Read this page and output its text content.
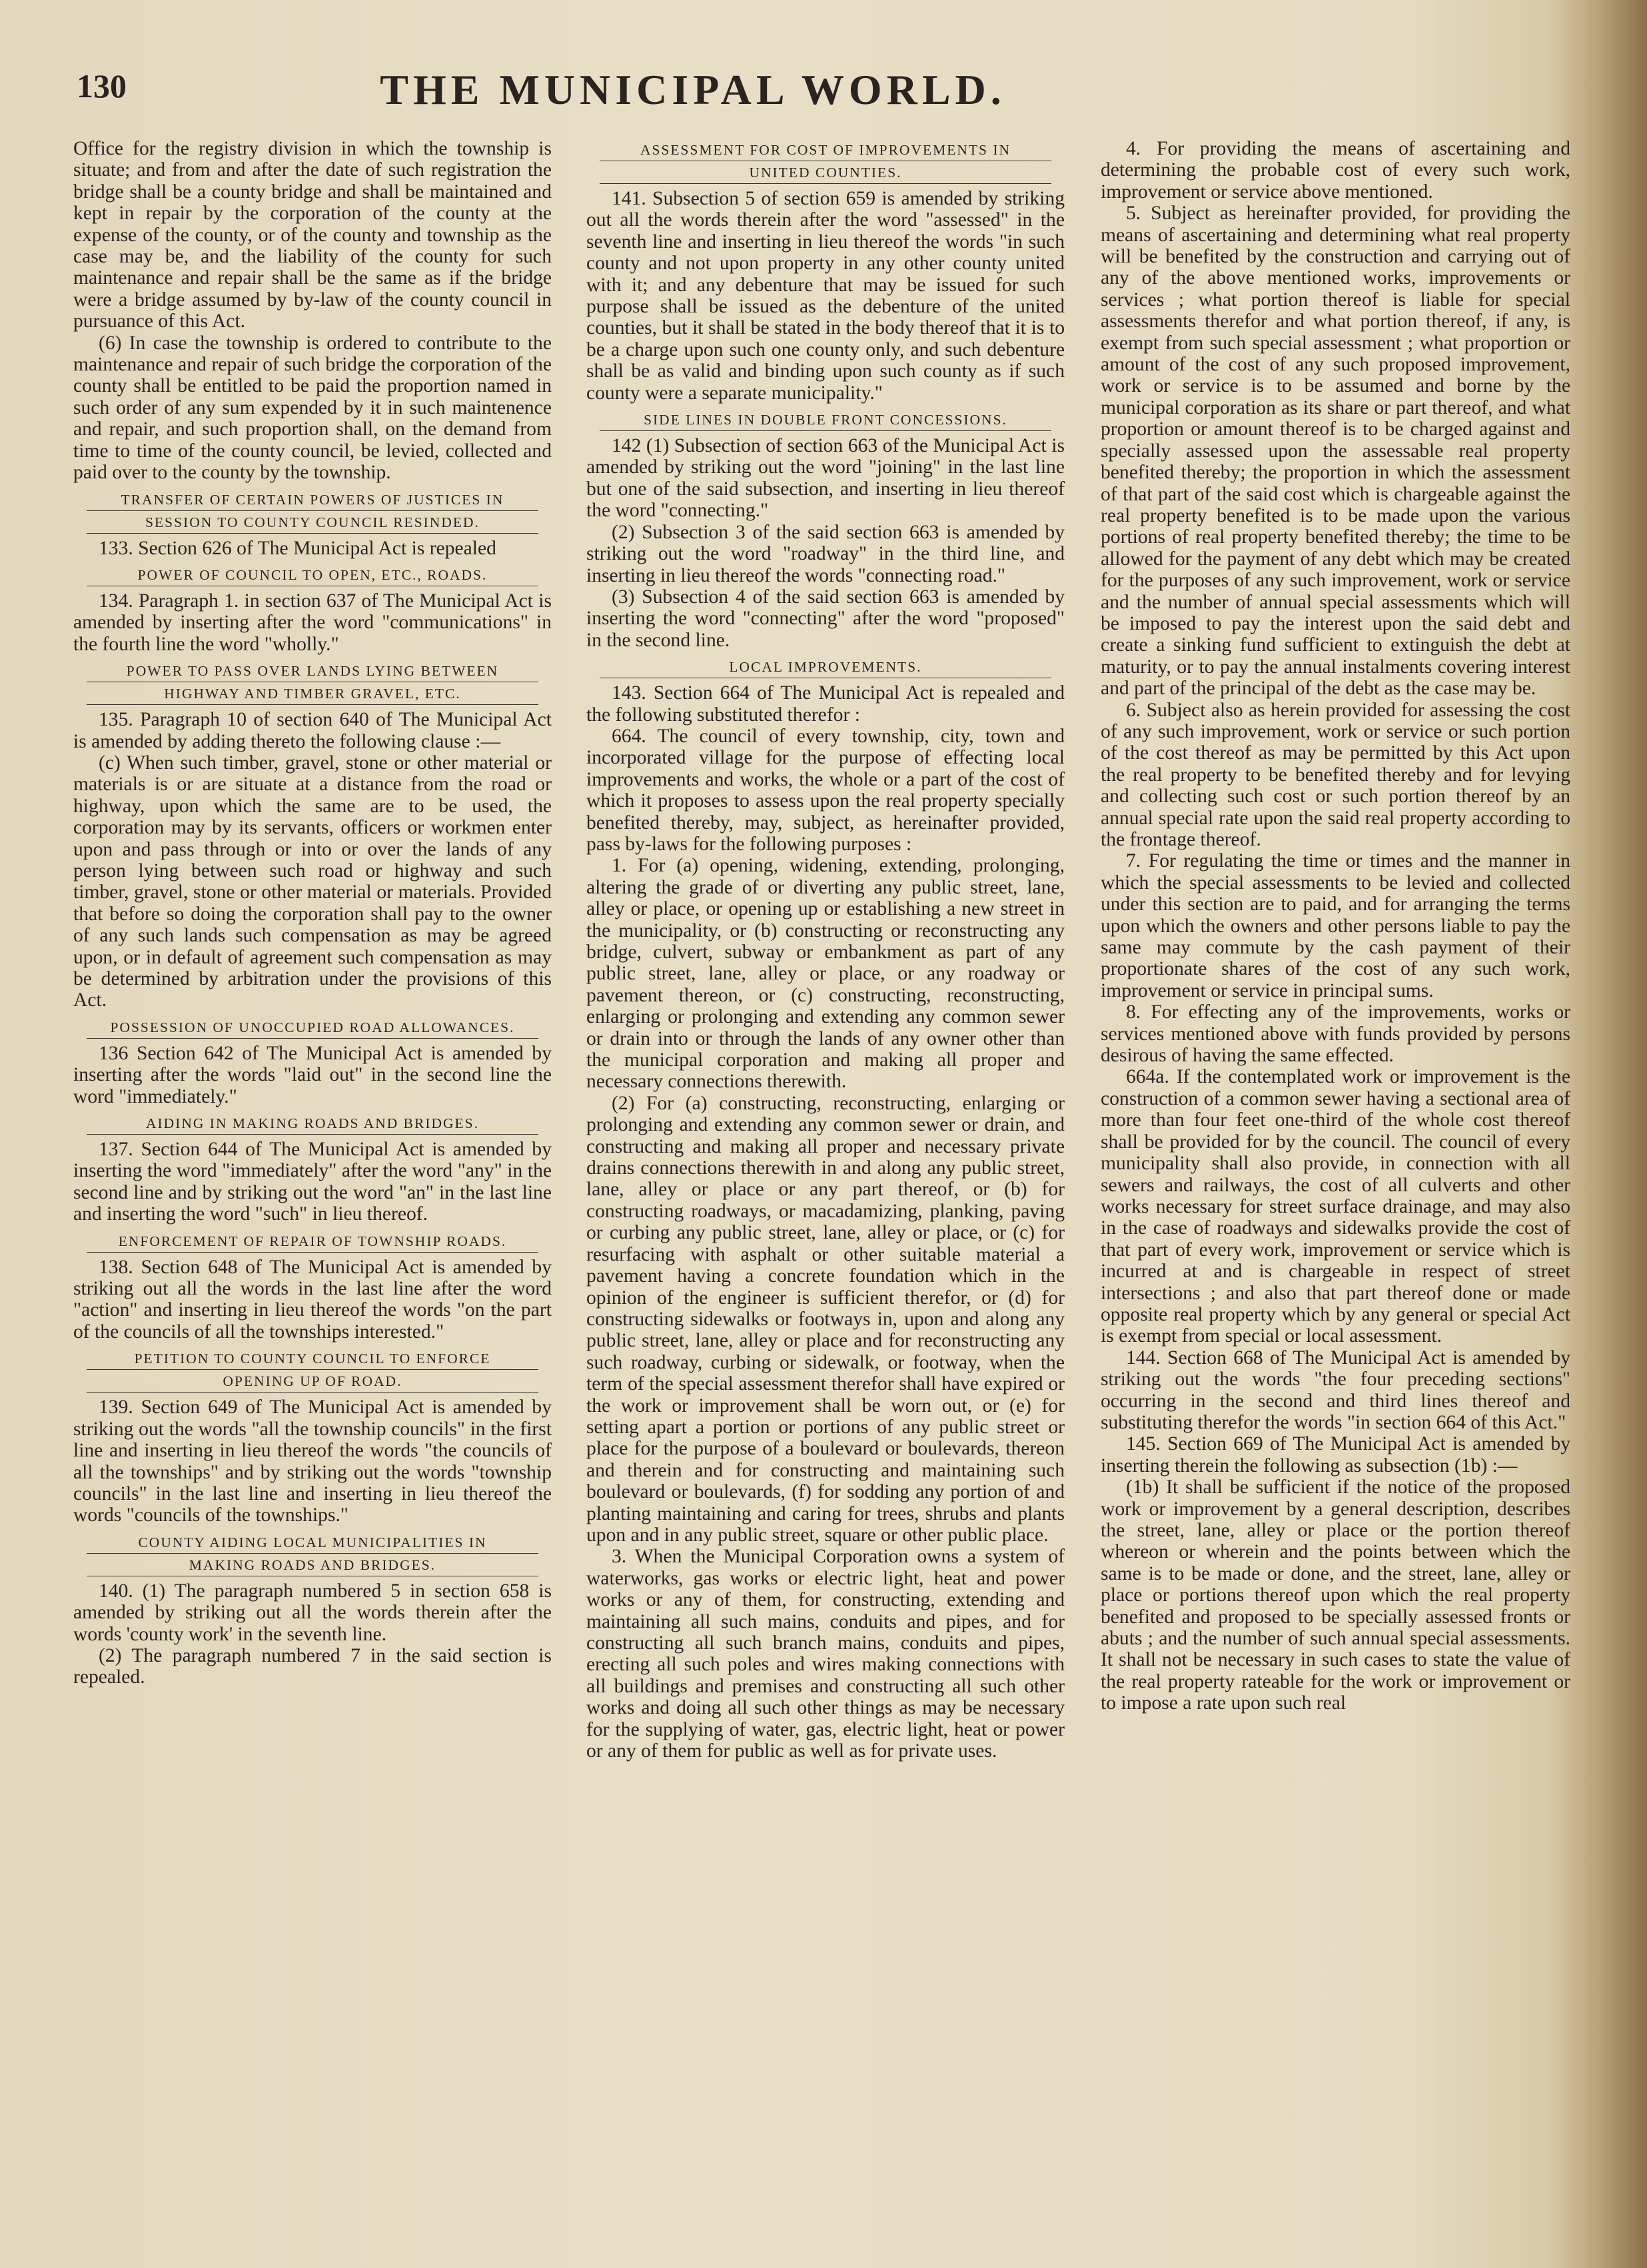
130	THE MUNICIPAL WORLD.

Office for the registry division in which the township is situate; and from and after the date of such registration the bridge shall be a county bridge and shall be maintained and kept in repair by the corporation of the county at the expense of the county, or of the county and township as the case may be, and the liability of the county for such maintenance and repair shall be the same as if the bridge were a bridge assumed by by-law of the county council in pursuance of this Act.

(6) In case the township is ordered to contribute to the maintenance and repair of such bridge the corporation of the county shall be entitled to be paid the proportion named in such order of any sum expended by it in such maintenence and repair, and such proportion shall, on the demand from time to time of the county council, be levied, collected and paid over to the county by the township.

TRANSFER OF CERTAIN POWERS OF JUSTICES IN
SESSION TO COUNTY COUNCIL RESINDED.

133. Section 626 of The Municipal Act is repealed

POWER OF COUNCIL TO OPEN, ETC., ROADS.

134. Paragraph 1. in section 637 of The Municipal Act is amended by inserting after the word "communications" in the fourth line the word "wholly."

POWER TO PASS OVER LANDS LYING BETWEEN
HIGHWAY AND TIMBER GRAVEL, ETC.

135. Paragraph 10 of section 640 of The Municipal Act is amended by adding thereto the following clause :—

(c) When such timber, gravel, stone or other material or materials is or are situate at a distance from the road or highway, upon which the same are to be used, the corporation may by its servants, officers or workmen enter upon and pass through or into or over the lands of any person lying between such road or highway and such timber, gravel, stone or other material or materials. Provided that before so doing the corporation shall pay to the owner of any such lands such compensation as may be agreed upon, or in default of agreement such compensation as may be determined by arbitration under the provisions of this Act.

POSSESSION OF UNOCCUPIED ROAD ALLOWANCES.

136 Section 642 of The Municipal Act is amended by inserting after the words "laid out" in the second line the word "immediately."

AIDING IN MAKING ROADS AND BRIDGES.

137. Section 644 of The Municipal Act is amended by inserting the word "immediately" after the word "any" in the second line and by striking out the word "an" in the last line and inserting the word "such" in lieu thereof.

ENFORCEMENT OF REPAIR OF TOWNSHIP ROADS.

138. Section 648 of The Municipal Act is amended by striking out all the words in the last line after the word "action" and inserting in lieu thereof the words "on the part of the councils of all the townships interested."

PETITION TO COUNTY COUNCIL TO ENFORCE
OPENING UP OF ROAD.

139. Section 649 of The Municipal Act is amended by striking out the words "all the township councils" in the first line and inserting in lieu thereof the words "the councils of all the townships" and by striking out the words "township councils" in the last line and inserting in lieu thereof the words "councils of the townships."

COUNTY AIDING LOCAL MUNICIPALITIES IN
MAKING ROADS AND BRIDGES.

140. (1) The paragraph numbered 5 in section 658 is amended by striking out all the words therein after the words 'county work' in the seventh line.

(2) The paragraph numbered 7 in the said section is repealed.

ASSESSMENT FOR COST OF IMPROVEMENTS IN
UNITED COUNTIES.

141. Subsection 5 of section 659 is amended by striking out all the words therein after the word "assessed" in the seventh line and inserting in lieu thereof the words "in such county and not upon property in any other county united with it; and any debenture that may be issued for such purpose shall be issued as the debenture of the united counties, but it shall be stated in the body thereof that it is to be a charge upon such one county only, and such debenture shall be as valid and binding upon such county as if such county were a separate municipality."

SIDE LINES IN DOUBLE FRONT CONCESSIONS.

142 (1) Subsection of section 663 of the Municipal Act is amended by striking out the word "joining" in the last line but one of the said subsection, and inserting in lieu thereof the word "connecting."

(2) Subsection 3 of the said section 663 is amended by striking out the word "roadway" in the third line, and inserting in lieu thereof the words "connecting road."

(3) Subsection 4 of the said section 663 is amended by inserting the word "connecting" after the word "proposed" in the second line.

LOCAL IMPROVEMENTS.

143. Section 664 of The Municipal Act is repealed and the following substituted therefor :

664. The council of every township, city, town and incorporated village for the purpose of effecting local improvements and works, the whole or a part of the cost of which it proposes to assess upon the real property specially benefited thereby, may, subject, as hereinafter provided, pass by-laws for the following purposes :

1. For (a) opening, widening, extending, prolonging, altering the grade of or diverting any public street, lane, alley or place, or opening up or establishing a new street in the municipality, or (b) constructing or reconstructing any bridge, culvert, subway or embankment as part of any public street, lane, alley or place, or any roadway or pavement thereon, or (c) constructing, reconstructing, enlarging or prolonging and extending any common sewer or drain into or through the lands of any owner other than the municipal corporation and making all proper and necessary connections therewith.

(2) For (a) constructing, reconstructing, enlarging or prolonging and extending any common sewer or drain, and constructing and making all proper and necessary private drains connections therewith in and along any public street, lane, alley or place or any part thereof, or (b) for constructing roadways, or macadamizing, planking, paving or curbing any public street, lane, alley or place, or (c) for resurfacing with asphalt or other suitable material a pavement having a concrete foundation which in the opinion of the engineer is sufficient therefor, or (d) for constructing sidewalks or footways in, upon and along any public street, lane, alley or place and for reconstructing any such roadway, curbing or sidewalk, or footway, when the term of the special assessment therefor shall have expired or the work or improvement shall be worn out, or (e) for setting apart a portion or portions of any public street or place for the purpose of a boulevard or boulevards, thereon and therein and for constructing and maintaining such boulevard or boulevards, (f) for sodding any portion of and planting maintaining and caring for trees, shrubs and plants upon and in any public street, square or other public place.

3. When the Municipal Corporation owns a system of waterworks, gas works or electric light, heat and power works or any of them, for constructing, extending and maintaining all such mains, conduits and pipes, and for constructing all such branch mains, conduits and pipes, erecting all such poles and wires making connections with all buildings and premises and constructing all such other works and doing all such other things as may be necessary for the supplying of water, gas, electric light, heat or power or any of them for public as well as for private uses.

4. For providing the means of ascertaining and determining the probable cost of every such work, improvement or service above mentioned.

5. Subject as hereinafter provided, for providing the means of ascertaining and determining what real property will be benefited by the construction and carrying out of any of the above mentioned works, improvements or services ; what portion thereof is liable for special assessments therefor and what portion thereof, if any, is exempt from such special assessment ; what proportion or amount of the cost of any such proposed improvement, work or service is to be assumed and borne by the municipal corporation as its share or part thereof, and what proportion or amount thereof is to be charged against and specially assessed upon the assessable real property benefited thereby; the proportion in which the assessment of that part of the said cost which is chargeable against the real property benefited is to be made upon the various portions of real property benefited thereby; the time to be allowed for the payment of any debt which may be created for the purposes of any such improvement, work or service and the number of annual special assessments which will be imposed to pay the interest upon the said debt and create a sinking fund sufficient to extinguish the debt at maturity, or to pay the annual instalments covering interest and part of the principal of the debt as the case may be.

6. Subject also as herein provided for assessing the cost of any such improvement, work or service or such portion of the cost thereof as may be permitted by this Act upon the real property to be benefited thereby and for levying and collecting such cost or such portion thereof by an annual special rate upon the said real property according to the frontage thereof.

7. For regulating the time or times and the manner in which the special assessments to be levied and collected under this section are to paid, and for arranging the terms upon which the owners and other persons liable to pay the same may commute by the cash payment of their proportionate shares of the cost of any such work, improvement or service in principal sums.

8. For effecting any of the improvements, works or services mentioned above with funds provided by persons desirous of having the same effected.

664a. If the contemplated work or improvement is the construction of a common sewer having a sectional area of more than four feet one-third of the whole cost thereof shall be provided for by the council. The council of every municipality shall also provide, in connection with all sewers and railways, the cost of all culverts and other works necessary for street surface drainage, and may also in the case of roadways and sidewalks provide the cost of that part of every work, improvement or service which is incurred at and is chargeable in respect of street intersections ; and also that part thereof done or made opposite real property which by any general or special Act is exempt from special or local assessment.

144. Section 668 of The Municipal Act is amended by striking out the words "the four preceding sections" occurring in the second and third lines thereof and substituting therefor the words "in section 664 of this Act."

145. Section 669 of The Municipal Act is amended by inserting therein the following as subsection (1b) :—

(1b) It shall be sufficient if the notice of the proposed work or improvement by a general description, describes the street, lane, alley or place or the portion thereof whereon or wherein and the points between which the same is to be made or done, and the street, lane, alley or place or portions thereof upon which the real property benefited and proposed to be specially assessed fronts or abuts ; and the number of such annual special assessments. It shall not be necessary in such cases to state the value of the real property rateable for the work or improvement or to impose a rate upon such real
